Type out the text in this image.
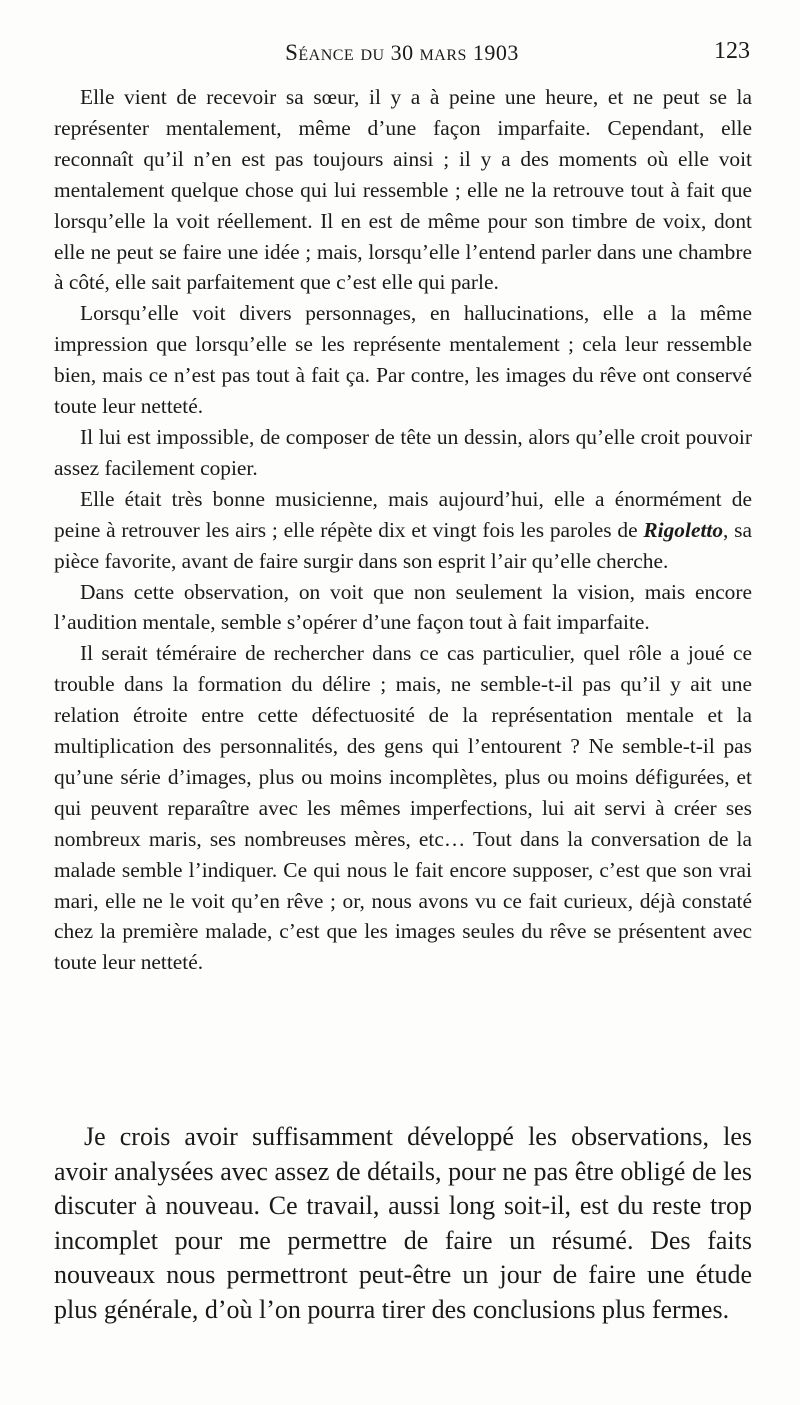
Séance du 30 mars 1903	123

Elle vient de recevoir sa sœur, il y a à peine une heure, et ne peut se la représenter mentalement, même d’une façon imparfaite. Cependant, elle reconnaît qu’il n’en est pas toujours ainsi ; il y a des moments où elle voit mentalement quelque chose qui lui ressemble ; elle ne la retrouve tout à fait que lorsqu’elle la voit réellement. Il en est de même pour son timbre de voix, dont elle ne peut se faire une idée ; mais, lorsqu’elle l’entend parler dans une chambre à côté, elle sait parfaitement que c’est elle qui parle.

Lorsqu’elle voit divers personnages, en hallucinations, elle a la même impression que lorsqu’elle se les représente mentalement ; cela leur ressemble bien, mais ce n’est pas tout à fait ça. Par contre, les images du rêve ont conservé toute leur netteté.

Il lui est impossible, de composer de tête un dessin, alors qu’elle croit pouvoir assez facilement copier.

Elle était très bonne musicienne, mais aujourd’hui, elle a énormément de peine à retrouver les airs ; elle répète dix et vingt fois les paroles de Rigoletto, sa pièce favorite, avant de faire surgir dans son esprit l’air qu’elle cherche.

Dans cette observation, on voit que non seulement la vision, mais encore l’audition mentale, semble s’opérer d’une façon tout à fait imparfaite.

Il serait téméraire de rechercher dans ce cas particulier, quel rôle a joué ce trouble dans la formation du délire ; mais, ne semble-t-il pas qu’il y ait une relation étroite entre cette défectuosité de la représentation mentale et la multiplication des personnalités, des gens qui l’entourent ? Ne semble-t-il pas qu’une série d’images, plus ou moins incomplètes, plus ou moins défigurées, et qui peuvent reparaître avec les mêmes imperfections, lui ait servi à créer ses nombreux maris, ses nombreuses mères, etc… Tout dans la conversation de la malade semble l’indiquer. Ce qui nous le fait encore supposer, c’est que son vrai mari, elle ne le voit qu’en rêve ; or, nous avons vu ce fait curieux, déjà constaté chez la première malade, c’est que les images seules du rêve se présentent avec toute leur netteté.

Je crois avoir suffisamment développé les observations, les avoir analysées avec assez de détails, pour ne pas être obligé de les discuter à nouveau. Ce travail, aussi long soit-il, est du reste trop incomplet pour me permettre de faire un résumé. Des faits nouveaux nous permettront peut-être un jour de faire une étude plus générale, d’où l’on pourra tirer des conclusions plus fermes.
